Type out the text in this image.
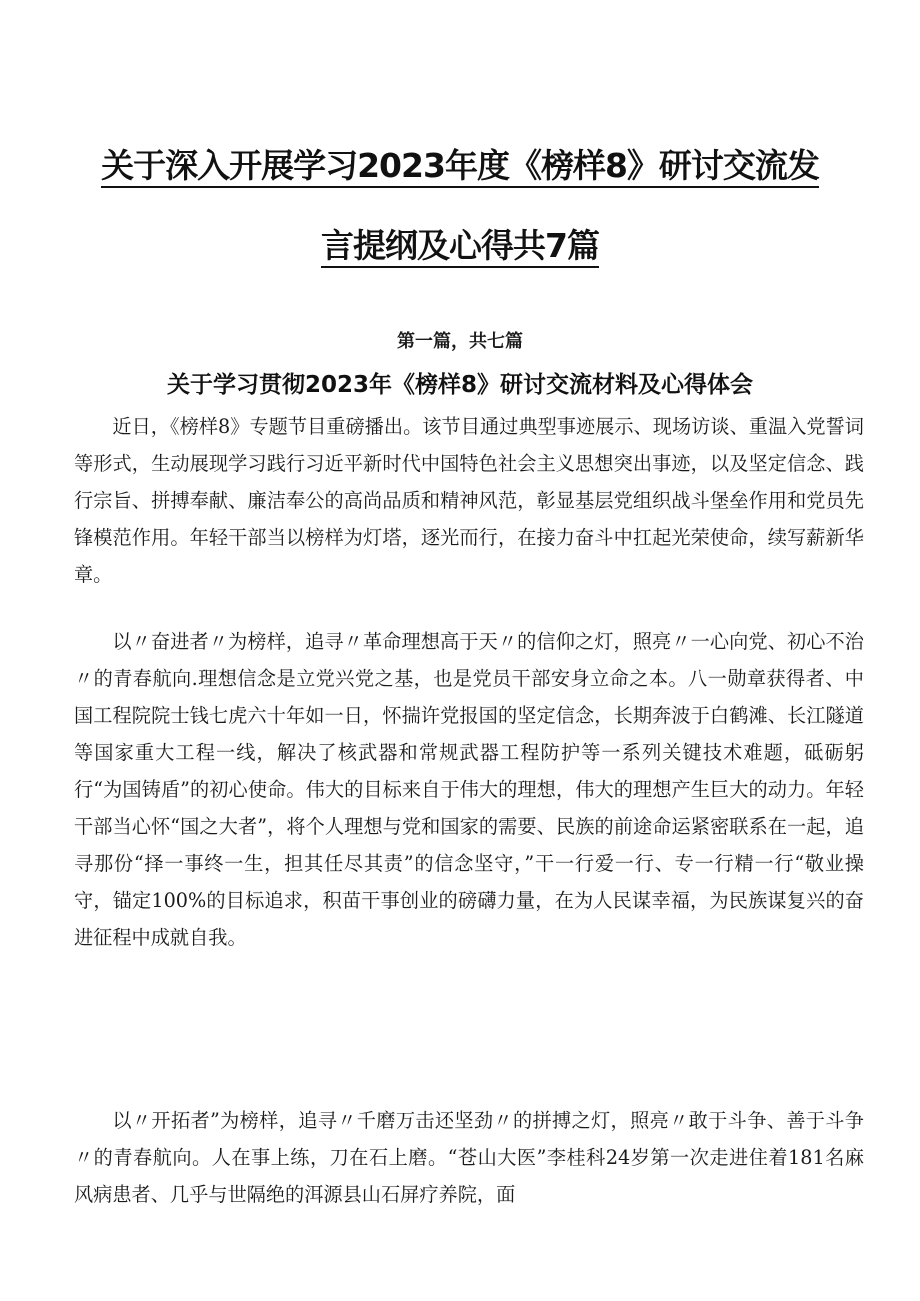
关于深入开展学习2023年度《榜样8》研讨交流发
言提纲及心得共7篇
第一篇，共七篇
关于学习贯彻2023年《榜样8》研讨交流材料及心得体会

近日，《榜样8》专题节目重磅播出。该节目通过典型事迹展示、现场访谈、重温入党誓词等形式，生动展现学习践行习近平新时代中国特色社会主义思想突出事迹，以及坚定信念、践行宗旨、拼搏奉献、廉洁奉公的高尚品质和精神风范，彰显基层党组织战斗堡垒作用和党员先锋模范作用。年轻干部当以榜样为灯塔，逐光而行，在接力奋斗中扛起光荣使命，续写薪新华章。

以〃奋进者〃为榜样，追寻〃革命理想高于天〃的信仰之灯，照亮〃一心向党、初心不治〃的青春航向.理想信念是立党兴党之基，也是党员干部安身立命之本。八一勋章获得者、中国工程院院士钱七虎六十年如一日，怀揣许党报国的坚定信念，长期奔波于白鹤滩、长江隧道等国家重大工程一线，解决了核武器和常规武器工程防护等一系列关键技术难题，砥砺躬行“为国铸盾”的初心使命。伟大的目标来自于伟大的理想，伟大的理想产生巨大的动力。年轻干部当心怀“国之大者”，将个人理想与党和国家的需要、民族的前途命运紧密联系在一起，追寻那份“择一事终一生，担其任尽其责”的信念坚守，”干一行爱一行、专一行精一行“敬业操守，锚定100%的目标追求，积苗干事创业的磅礴力量，在为人民谋幸福，为民族谋复兴的奋进征程中成就自我。

以〃开拓者”为榜样，追寻〃千磨万击还坚劲〃的拼搏之灯，照亮〃敢于斗争、善于斗争〃的青春航向。人在事上练，刀在石上磨。“苍山大医”李桂科24岁第一次走进住着181名麻风病患者、几乎与世隔绝的洱源县山石屏疗养院，面
